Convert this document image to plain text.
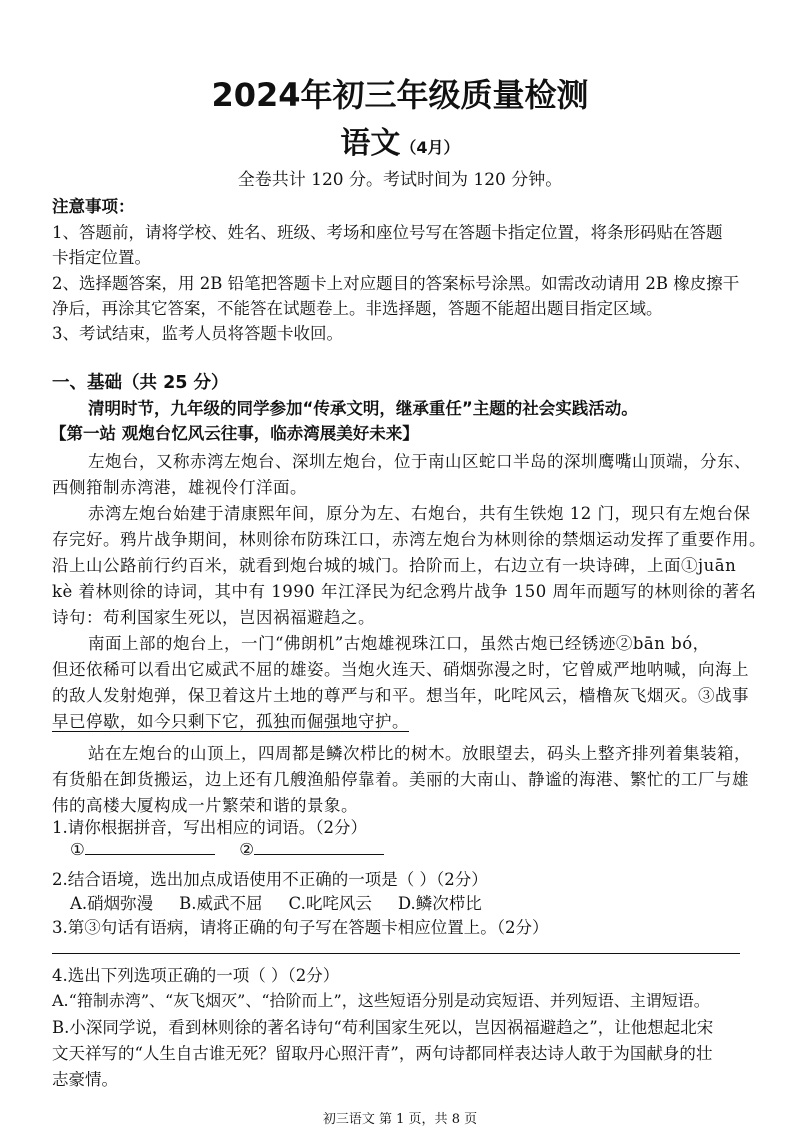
2024年初三年级质量检测
语文（4月）
全卷共计 120 分。考试时间为 120 分钟。
注意事项：
1、答题前，请将学校、姓名、班级、考场和座位号写在答题卡指定位置，将条形码贴在答题
卡指定位置。
2、选择题答案，用 2B 铅笔把答题卡上对应题目的答案标号涂黑。如需改动请用 2B 橡皮擦干
净后，再涂其它答案，不能答在试题卷上。非选择题，答题不能超出题目指定区域。
3、考试结束，监考人员将答题卡收回。
一、基础（共 25 分）
清明时节，九年级的同学参加“传承文明，继承重任”主题的社会实践活动。
【第一站 观炮台忆风云往事，临赤湾展美好未来】
左炮台，又称赤湾左炮台、深圳左炮台，位于南山区蛇口半岛的深圳鹰嘴山顶端，分东、
西侧箝制赤湾港，雄视伶仃洋面。
赤湾左炮台始建于清康熙年间，原分为左、右炮台，共有生铁炮 12 门，现只有左炮台保
存完好。鸦片战争期间，林则徐布防珠江口，赤湾左炮台为林则徐的禁烟运动发挥了重要作用。
沿上山公路前行约百米，就看到炮台城的城门。拾阶而上，右边立有一块诗碑，上面①juān
kè 着林则徐的诗词，其中有 1990 年江泽民为纪念鸦片战争 150 周年而题写的林则徐的著名
诗句：苟利国家生死以，岂因祸福避趋之。
南面上部的炮台上，一门“佛朗机”古炮雄视珠江口，虽然古炮已经锈迹②bān bó，
但还依稀可以看出它威武不屈的雄姿。当炮火连天、硝烟弥漫之时，它曾威严地呐喊，向海上
的敌人发射炮弹，保卫着这片土地的尊严与和平。想当年，叱咤风云，樯橹灰飞烟灭。③战事
早已停歇，如今只剩下它，孤独而倔强地守护。
站在左炮台的山顶上，四周都是鳞次栉比的树木。放眼望去，码头上整齐排列着集装箱，
有货船在卸货搬运，边上还有几艘渔船停靠着。美丽的大南山、静谧的海港、繁忙的工厂与雄
伟的高楼大厦构成一片繁荣和谐的景象。
1.请你根据拼音，写出相应的词语。（2分）
①	②
2.结合语境，选出加点成语使用不正确的一项是（ ）（2分）
A.硝烟弥漫 B.威武不屈 C.叱咤风云 D.鳞次栉比
3.第③句话有语病，请将正确的句子写在答题卡相应位置上。（2分）
4.选出下列选项正确的一项（ ）（2分）
A.“箝制赤湾”、“灰飞烟灭”、“拾阶而上”，这些短语分别是动宾短语、并列短语、主谓短语。
B.小深同学说，看到林则徐的著名诗句“苟利国家生死以，岂因祸福避趋之”，让他想起北宋
文天祥写的“人生自古谁无死？留取丹心照汗青”，两句诗都同样表达诗人敢于为国献身的壮
志豪情。
初三语文 第 1 页，共 8 页
